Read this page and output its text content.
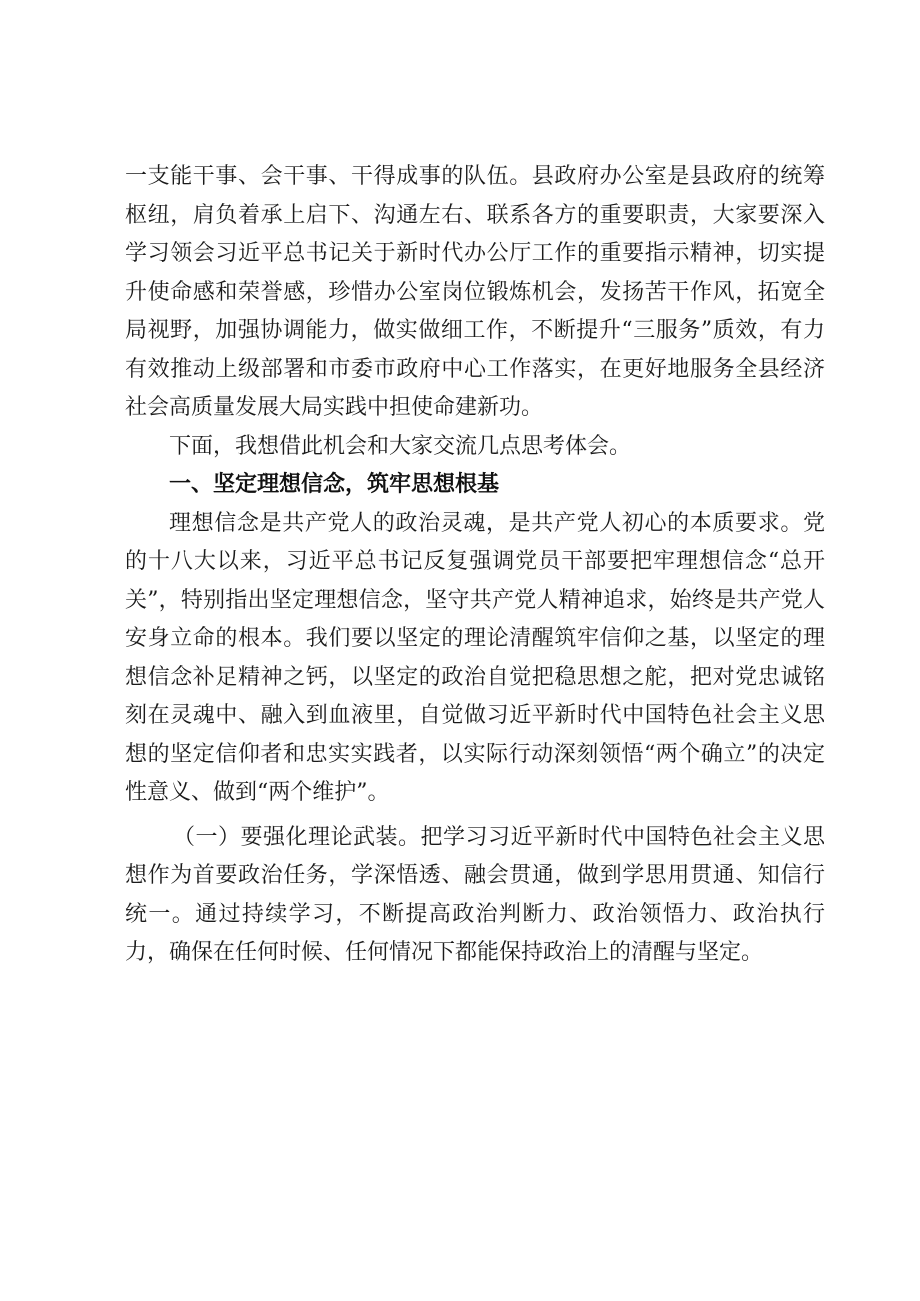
一支能干事、会干事、干得成事的队伍。县政府办公室是县政府的统筹枢纽，肩负着承上启下、沟通左右、联系各方的重要职责，大家要深入学习领会习近平总书记关于新时代办公厅工作的重要指示精神，切实提升使命感和荣誉感，珍惜办公室岗位锻炼机会，发扬苦干作风，拓宽全局视野，加强协调能力，做实做细工作，不断提升“三服务”质效，有力有效推动上级部署和市委市政府中心工作落实，在更好地服务全县经济社会高质量发展大局实践中担使命建新功。

下面，我想借此机会和大家交流几点思考体会。

一、坚定理想信念，筑牢思想根基

理想信念是共产党人的政治灵魂，是共产党人初心的本质要求。党的十八大以来，习近平总书记反复强调党员干部要把牢理想信念“总开关”，特别指出坚定理想信念，坚守共产党人精神追求，始终是共产党人安身立命的根本。我们要以坚定的理论清醒筑牢信仰之基，以坚定的理想信念补足精神之钙，以坚定的政治自觉把稳思想之舵，把对党忠诚铭刻在灵魂中、融入到血液里，自觉做习近平新时代中国特色社会主义思想的坚定信仰者和忠实实践者，以实际行动深刻领悟“两个确立”的决定性意义、做到“两个维护”。

（一）要强化理论武装。把学习习近平新时代中国特色社会主义思想作为首要政治任务，学深悟透、融会贯通，做到学思用贯通、知信行统一。通过持续学习，不断提高政治判断力、政治领悟力、政治执行力，确保在任何时候、任何情况下都能保持政治上的清醒与坚定。
